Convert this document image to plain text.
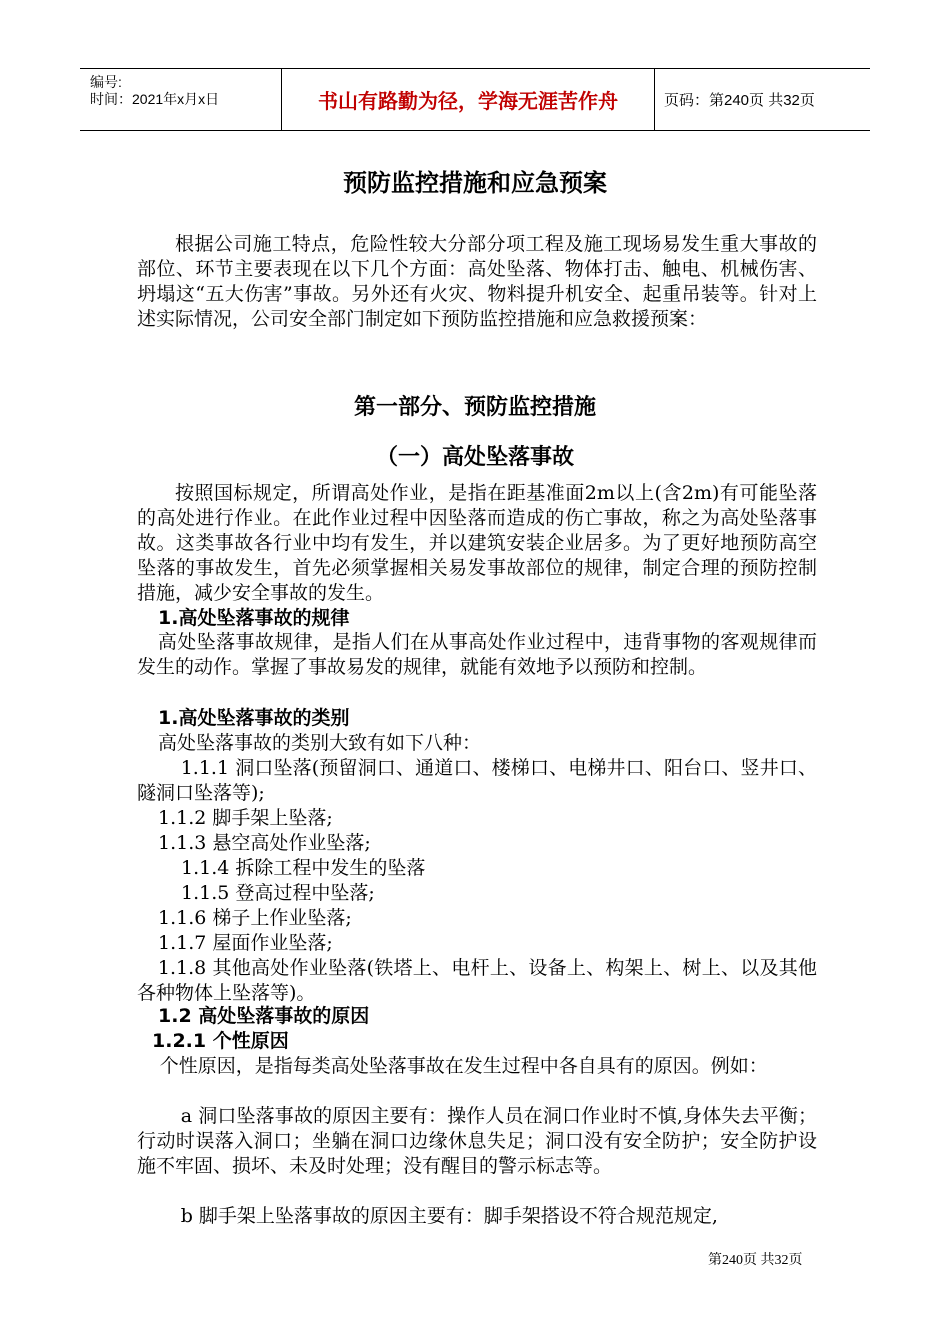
编号:
时间：2021年x月x日	书山有路勤为径，学海无涯苦作舟	页码：第240页 共32页
预防监控措施和应急预案

根据公司施工特点，危险性较大分部分项工程及施工现场易发生重大事故的部位、环节主要表现在以下几个方面：高处坠落、物体打击、触电、机械伤害、坍塌这“五大伤害”事故。另外还有火灾、物料提升机安全、起重吊装等。针对上述实际情况，公司安全部门制定如下预防监控措施和应急救援预案：

第一部分、预防监控措施
（一）高处坠落事故

按照国标规定，所谓高处作业，是指在距基准面2m以上(含2m)有可能坠落的高处进行作业。在此作业过程中因坠落而造成的伤亡事故，称之为高处坠落事故。这类事故各行业中均有发生，并以建筑安装企业居多。为了更好地预防高空坠落的事故发生，首先必须掌握相关易发事故部位的规律，制定合理的预防控制措施，减少安全事故的发生。

1.高处坠落事故的规律

高处坠落事故规律，是指人们在从事高处作业过程中，违背事物的客观规律而发生的动作。掌握了事故易发的规律，就能有效地予以预防和控制。

1.高处坠落事故的类别
高处坠落事故的类别大致有如下八种：

1.1.1 洞口坠落(预留洞口、通道口、楼梯口、电梯井口、阳台口、竖井口、隧洞口坠落等);

1.1.2 脚手架上坠落;
1.1.3 悬空高处作业坠落;
1.1.4 拆除工程中发生的坠落
1.1.5 登高过程中坠落;
1.1.6 梯子上作业坠落;
1.1.7 屋面作业坠落;

1.1.8 其他高处作业坠落(铁塔上、电杆上、设备上、构架上、树上、以及其他各种物体上坠落等)。

1.2 高处坠落事故的原因
1.2.1 个性原因

个性原因，是指每类高处坠落事故在发生过程中各自具有的原因。例如：

a 洞口坠落事故的原因主要有：操作人员在洞口作业时不慎,身体失去平衡；行动时误落入洞口；坐躺在洞口边缘休息失足；洞口没有安全防护；安全防护设施不牢固、损坏、未及时处理；没有醒目的警示标志等。

b 脚手架上坠落事故的原因主要有：脚手架搭设不符合规范规定,

第240页 共32页
